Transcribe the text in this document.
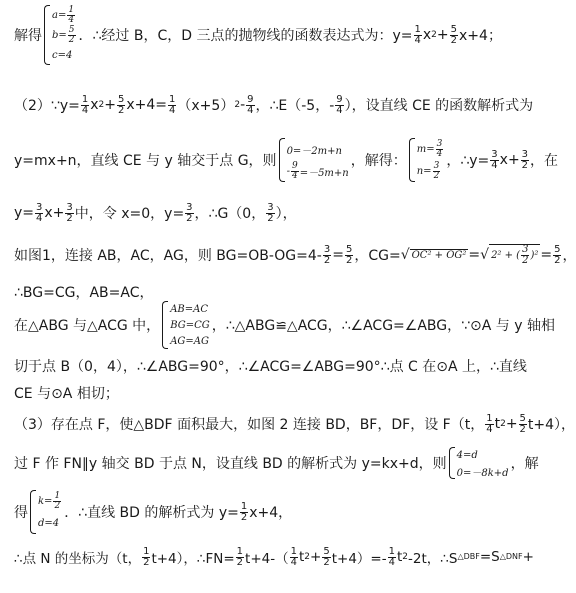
解得
$a= \frac{1}{4}$
$b= \frac{5}{2}$
c=4
．∴经过 B，C，D 三点的抛物线的函数表达式为：$y= \frac{1}{4}$ x $2 + \frac{5}{2} x+4$；
（2）∵y= $\frac{1}{4}$ x $2 + \frac{5}{2} x+4= \frac{1}{4} (x+5)$ $2 - \frac{9}{4}$ ，∴E（-5，- $\frac{9}{4}$ ），设直线 CE 的函数解析式为
y=mx+n，直线 CE 与 y 轴交于点 G，则
0=－2m+n
- $\frac{9}{4} =-5m+n$
，解得：
$m= \frac{3}{4}$
$n= \frac{3}{2}$
，∴y= $\frac{3}{4} x+ \frac{3}{2}$ ，在
$y= \frac{3}{4} x+ \frac{3}{2}$ 中，令 x=0，$y= \frac{3}{2}$ ，∴G（0， $\frac{3}{2}$ ），
如图1，连接 AB，AC，AG，则 $BG=OB-OG=4- \frac{3}{2} = \frac{5}{2}$ ，CG= √ OC² + OG² = √ 2² + ( $\frac{3}{2} )^2 = \frac{5}{2}$ ，
∴BG=CG，AB=AC，
在△ABG 与△ACG 中，
AB=AC
BG=CG
AG=AG
，∴△ABG≌△ACG，∴∠ACG=∠ABG，∵⊙A 与 y 轴相
切于点 B（0，4），∴∠ABG=90°，∴∠ACG=∠ABG=90°∴点 C 在⊙A 上，∴直线
CE 与⊙A 相切；
（3）存在点 F，使△BDF 面积最大，如图 2 连接 BD，BF，DF，设 F（t， $\frac{1}{4}$ t $2 + \frac{5}{2} t+4$），
过 F 作 FN∥y 轴交 BD 于点 N，设直线 BD 的解析式为 y=kx+d，则
4=d
0=－8k+d
，解
得
$k= \frac{1}{2}$
d=4
．∴直线 BD 的解析式为 $y= \frac{1}{2} x+4$，
∴点 N 的坐标为（t， $\frac{1}{2} t+4$），∴FN= $\frac{1}{2} t+4-( \frac{1}{4}$ t $2 + \frac{5}{2} t+4)=- \frac{1}{4}$ t 2 -2t，∴S △DBF =S △DNF +
